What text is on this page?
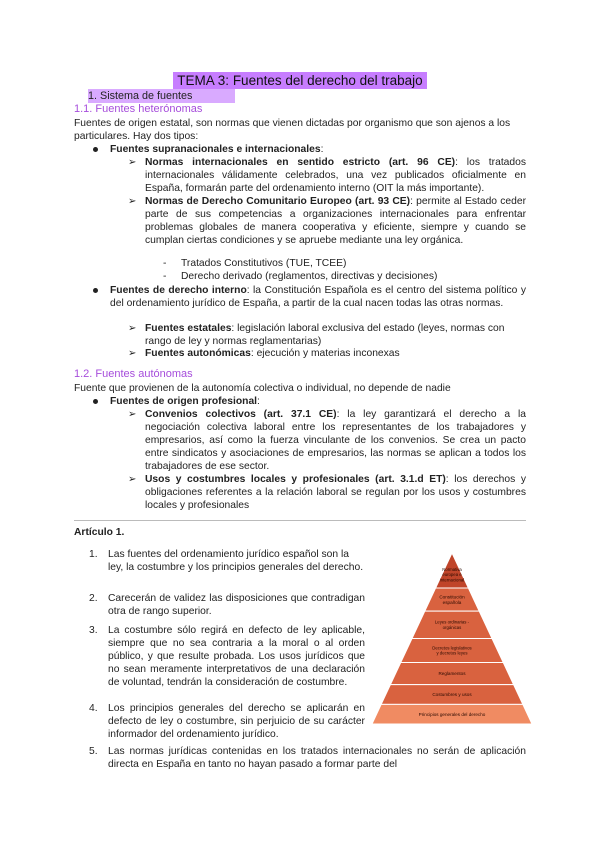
TEMA 3: Fuentes del derecho del trabajo
1. Sistema de fuentes
1.1. Fuentes heterónomas

Fuentes de origen estatal, son normas que vienen dictadas por organismo que son ajenos a los particulares. Hay dos tipos:

Fuentes supranacionales e internacionales:

➢ Normas internacionales en sentido estricto (art. 96 CE): los tratados internacionales válidamente celebrados, una vez publicados oficialmente en España, formarán parte del ordenamiento interno (OIT la más importante).

➢ Normas de Derecho Comunitario Europeo (art. 93 CE): permite al Estado ceder parte de sus competencias a organizaciones internacionales para enfrentar problemas globales de manera cooperativa y eficiente, siempre y cuando se cumplan ciertas condiciones y se apruebe mediante una ley orgánica.

- Tratados Constitutivos (TUE, TCEE)

- Derecho derivado (reglamentos, directivas y decisiones)

Fuentes de derecho interno: la Constitución Española es el centro del sistema político y del ordenamiento jurídico de España, a partir de la cual nacen todas las otras normas.

➢ Fuentes estatales: legislación laboral exclusiva del estado (leyes, normas con rango de ley y normas reglamentarias)

➢ Fuentes autonómicas: ejecución y materias inconexas

1.2. Fuentes autónomas

Fuente que provienen de la autonomía colectiva o individual, no depende de nadie

Fuentes de origen profesional:

➢ Convenios colectivos (art. 37.1 CE): la ley garantizará el derecho a la negociación colectiva laboral entre los representantes de los trabajadores y empresarios, así como la fuerza vinculante de los convenios. Se crea un pacto entre sindicatos y asociaciones de empresarios, las normas se aplican a todos los trabajadores de ese sector.

➢ Usos y costumbres locales y profesionales (art. 3.1.d ET): los derechos y obligaciones referentes a la relación laboral se regulan por los usos y costumbres locales y profesionales

Artículo 1.

1.	Las fuentes del ordenamiento jurídico español son la ley, la costumbre y los principios generales del derecho.

2.	Carecerán de validez las disposiciones que contradigan otra de rango superior.

3.	La costumbre sólo regirá en defecto de ley aplicable, siempre que no sea contraria a la moral o al orden público, y que resulte probada. Los usos jurídicos que no sean meramente interpretativos de una declaración de voluntad, tendrán la consideración de costumbre.

4.	Los principios generales del derecho se aplicarán en defecto de ley o costumbre, sin perjuicio de su carácter informador del ordenamiento jurídico.

5.	Las normas jurídicas contenidas en los tratados internacionales no serán de aplicación directa en España en tanto no hayan pasado a formar parte del

Normativa
europea e
internacional
Constitución
española
Leyes ordinarias -
orgánicas
Decretos legislativos
y decretos leyes
Reglamentos
Costumbres y usos
Principios generales del derecho
